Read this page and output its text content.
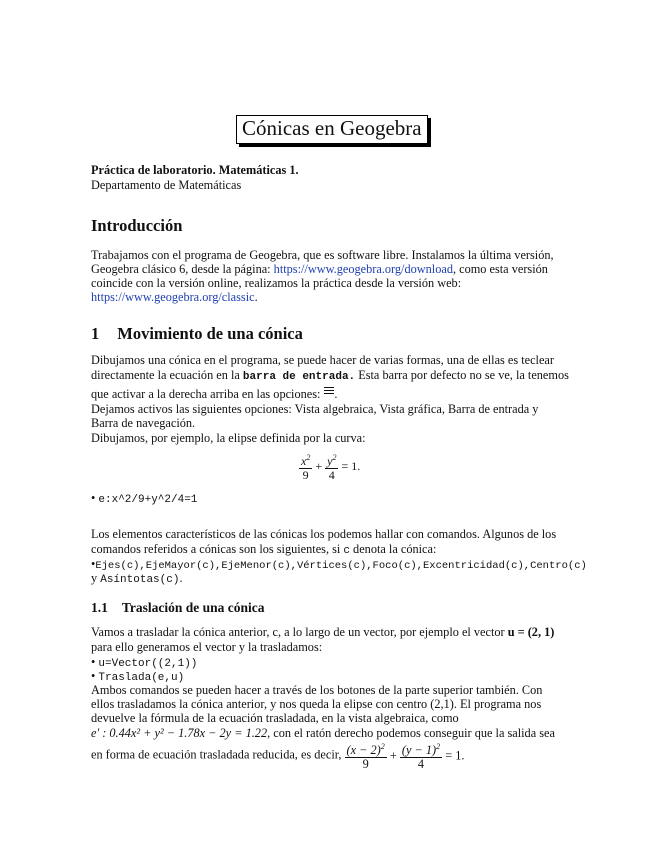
Cónicas en Geogebra
Práctica de laboratorio. Matemáticas 1.
Departamento de Matemáticas
Introducción
Trabajamos con el programa de Geogebra, que es software libre. Instalamos la última versión,
Geogebra clásico 6, desde la página: https://www.geogebra.org/download, como esta versión
coincide con la versión online, realizamos la práctica desde la versión web:
https://www.geogebra.org/classic.
1 Movimiento de una cónica
Dibujamos una cónica en el programa, se puede hacer de varias formas, una de ellas es teclear
directamente la ecuación en la barra de entrada. Esta barra por defecto no se ve, la tenemos
que activar a la derecha arriba en las opciones: .
Dejamos activos las siguientes opciones: Vista algebraica, Vista gráfica, Barra de entrada y
Barra de navegación.
Dibujamos, por ejemplo, la elipse definida por la curva:
$\frac{x^2}{9} + \frac{y^2}{4} = 1$.
• e:x^2/9+y^2/4=1
Los elementos característicos de las cónicas los podemos hallar con comandos. Algunos de los
comandos referidos a cónicas son los siguientes, si c denota la cónica:
•Ejes(c),EjeMayor(c),EjeMenor(c),Vértices(c),Foco(c),Excentricidad(c),Centro(c)
y Asíntotas(c).
1.1 Traslación de una cónica
Vamos a trasladar la cónica anterior, c, a lo largo de un vector, por ejemplo el vector u = (2, 1)
para ello generamos el vector y la trasladamos:
• u=Vector((2,1))
• Traslada(e,u)
Ambos comandos se pueden hacer a través de los botones de la parte superior también. Con
ellos trasladamos la cónica anterior, y nos queda la elipse con centro (2,1). El programa nos
devuelve la fórmula de la ecuación trasladada, en la vista algebraica, como
e′ : 0.44x² + y² − 1.78x − 2y = 1.22, con el ratón derecho podemos conseguir que la salida sea
en forma de ecuación trasladada reducida, es decir, $\frac{(x - 2)^2}{9} + \frac{(y - 1)^2}{4} = 1$.
